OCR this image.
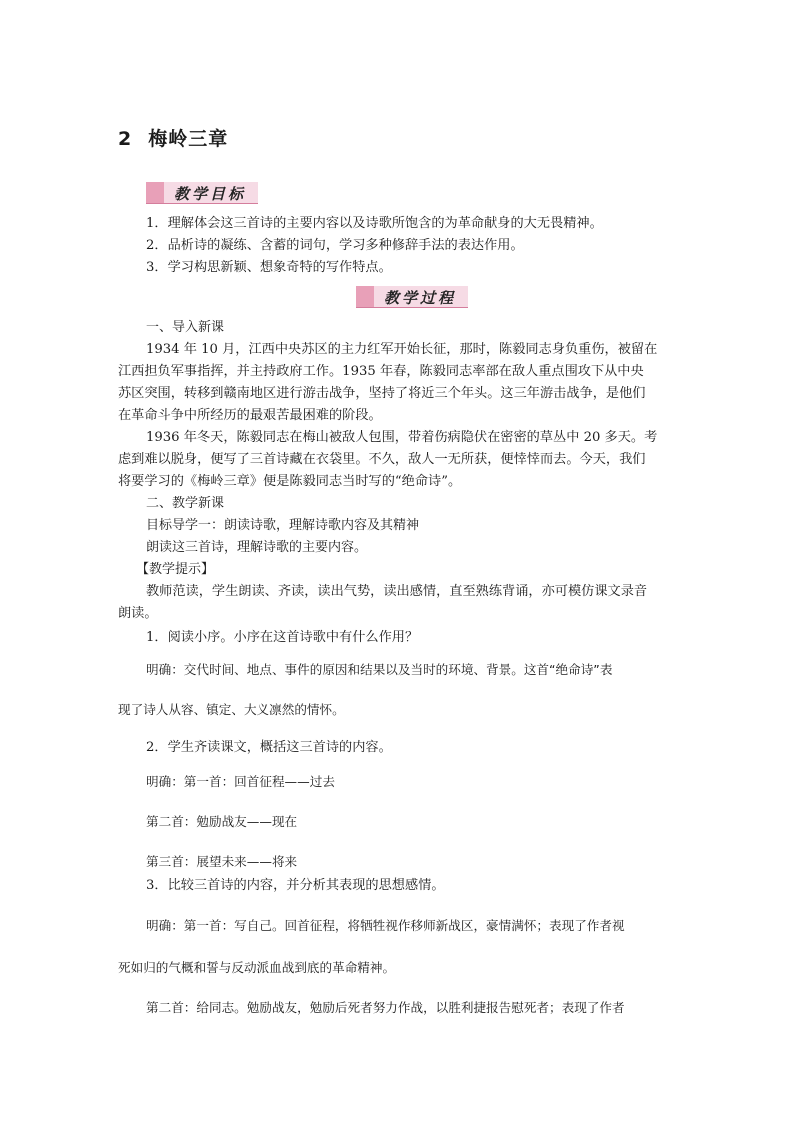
2 梅岭三章
教学目标
1．理解体会这三首诗的主要内容以及诗歌所饱含的为革命献身的大无畏精神。
2．品析诗的凝练、含蓄的词句，学习多种修辞手法的表达作用。
3．学习构思新颖、想象奇特的写作特点。
教学过程
一、导入新课
1934 年 10 月，江西中央苏区的主力红军开始长征，那时，陈毅同志身负重伤，被留在
江西担负军事指挥，并主持政府工作。1935 年春，陈毅同志率部在敌人重点围攻下从中央
苏区突围，转移到赣南地区进行游击战争，坚持了将近三个年头。这三年游击战争，是他们
在革命斗争中所经历的最艰苦最困难的阶段。
1936 年冬天，陈毅同志在梅山被敌人包围，带着伤病隐伏在密密的草丛中 20 多天。考
虑到难以脱身，便写了三首诗藏在衣袋里。不久，敌人一无所获，便悻悻而去。今天，我们
将要学习的《梅岭三章》便是陈毅同志当时写的“绝命诗”。
二、教学新课
目标导学一：朗读诗歌，理解诗歌内容及其精神
朗读这三首诗，理解诗歌的主要内容。
【教学提示】
教师范读，学生朗读、齐读，读出气势，读出感情，直至熟练背诵，亦可模仿课文录音
朗读。
1．阅读小序。小序在这首诗歌中有什么作用？
明确：交代时间、地点、事件的原因和结果以及当时的环境、背景。这首“绝命诗”表
现了诗人从容、镇定、大义凛然的情怀。
2．学生齐读课文，概括这三首诗的内容。
明确：第一首：回首征程——过去
第二首：勉励战友——现在
第三首：展望未来——将来
3．比较三首诗的内容，并分析其表现的思想感情。
明确：第一首：写自己。回首征程，将牺牲视作移师新战区，豪情满怀；表现了作者视
死如归的气概和誓与反动派血战到底的革命精神。
第二首：给同志。勉励战友，勉励后死者努力作战，以胜利捷报告慰死者；表现了作者
